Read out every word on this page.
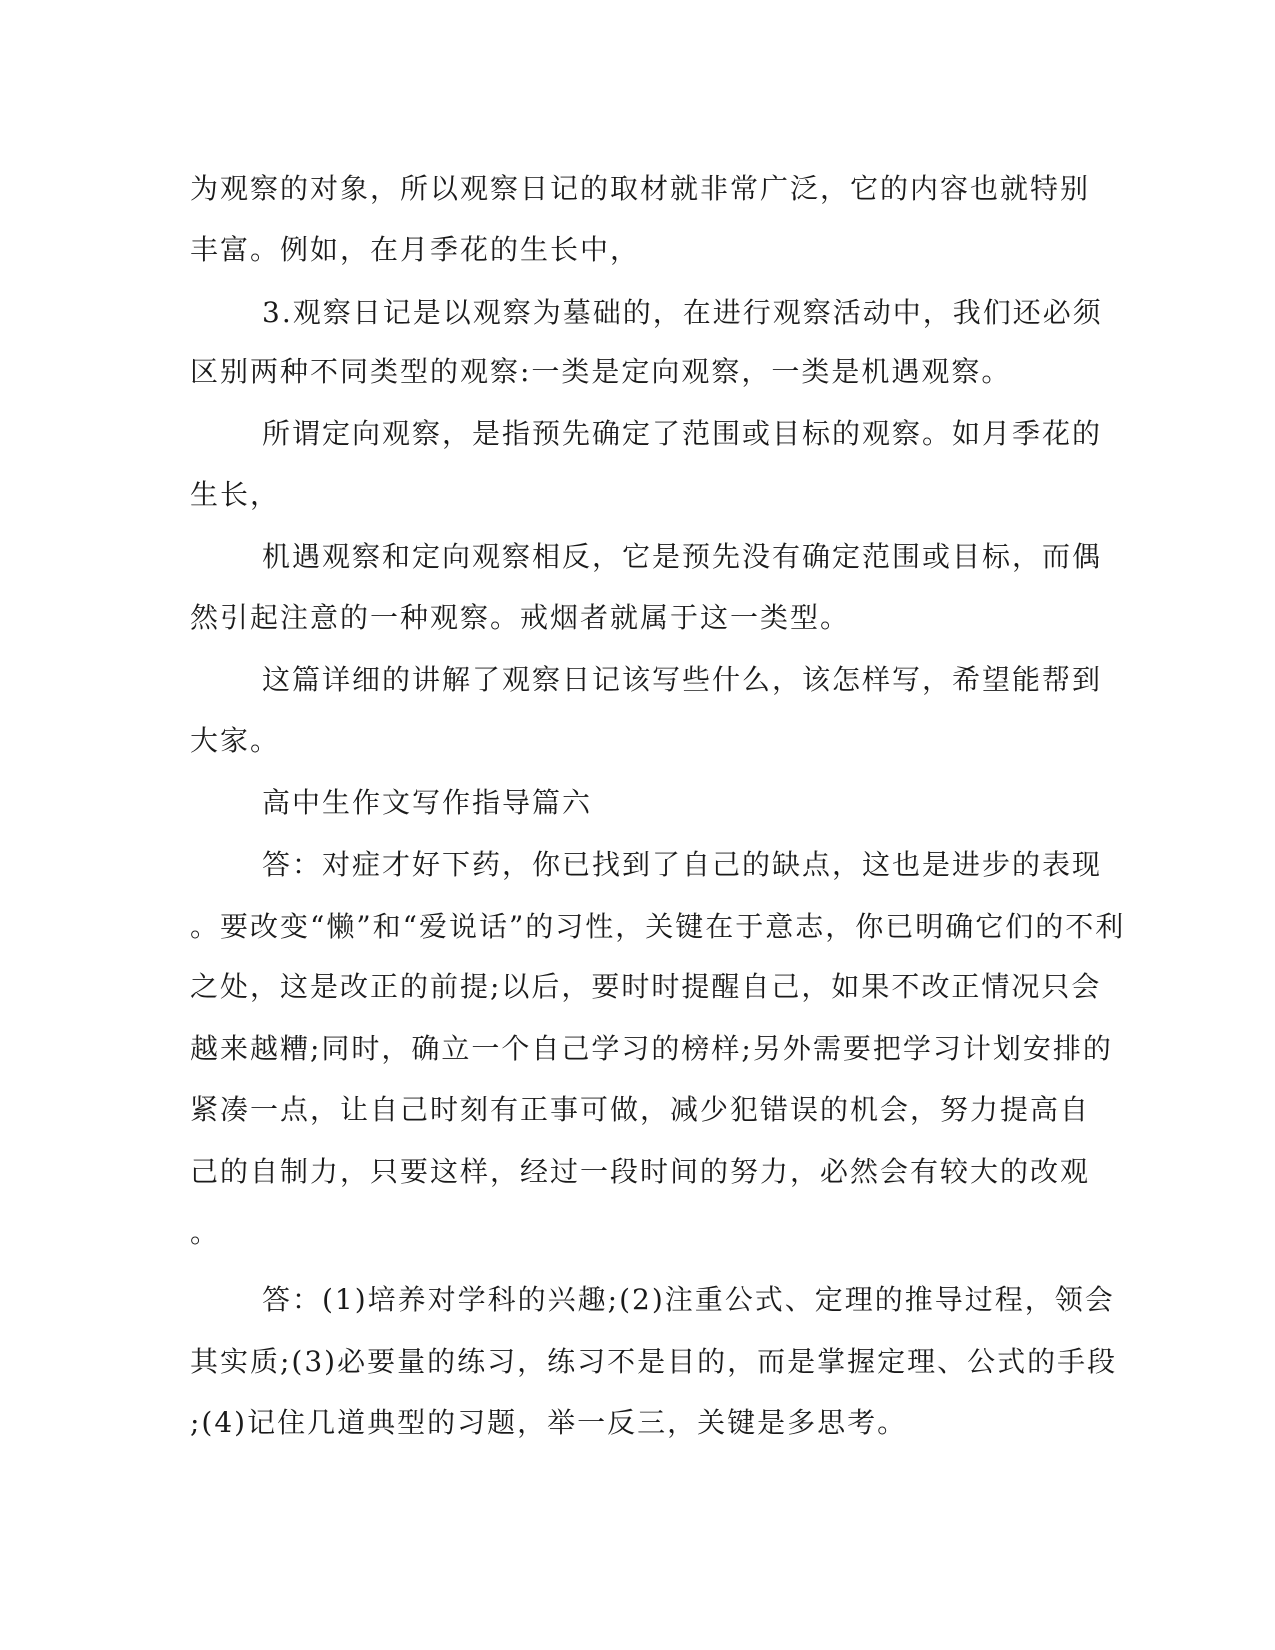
为观察的对象，所以观察日记的取材就非常广泛，它的内容也就特别
丰富。例如，在月季花的生长中，
3.观察日记是以观察为墓础的，在进行观察活动中，我们还必须
区别两种不同类型的观察:一类是定向观察，一类是机遇观察。
所谓定向观察，是指预先确定了范围或目标的观察。如月季花的
生长，
机遇观察和定向观察相反，它是预先没有确定范围或目标，而偶
然引起注意的一种观察。戒烟者就属于这一类型。
这篇详细的讲解了观察日记该写些什么，该怎样写，希望能帮到
大家。
高中生作文写作指导篇六
答：对症才好下药，你已找到了自己的缺点，这也是进步的表现
。要改变“懒”和“爱说话”的习性，关键在于意志，你已明确它们的不利
之处，这是改正的前提;以后，要时时提醒自己，如果不改正情况只会
越来越糟;同时，确立一个自己学习的榜样;另外需要把学习计划安排的
紧凑一点，让自己时刻有正事可做，减少犯错误的机会，努力提高自
己的自制力，只要这样，经过一段时间的努力，必然会有较大的改观
。
答：(1)培养对学科的兴趣;(2)注重公式、定理的推导过程，领会
其实质;(3)必要量的练习，练习不是目的，而是掌握定理、公式的手段
;(4)记住几道典型的习题，举一反三，关键是多思考。
